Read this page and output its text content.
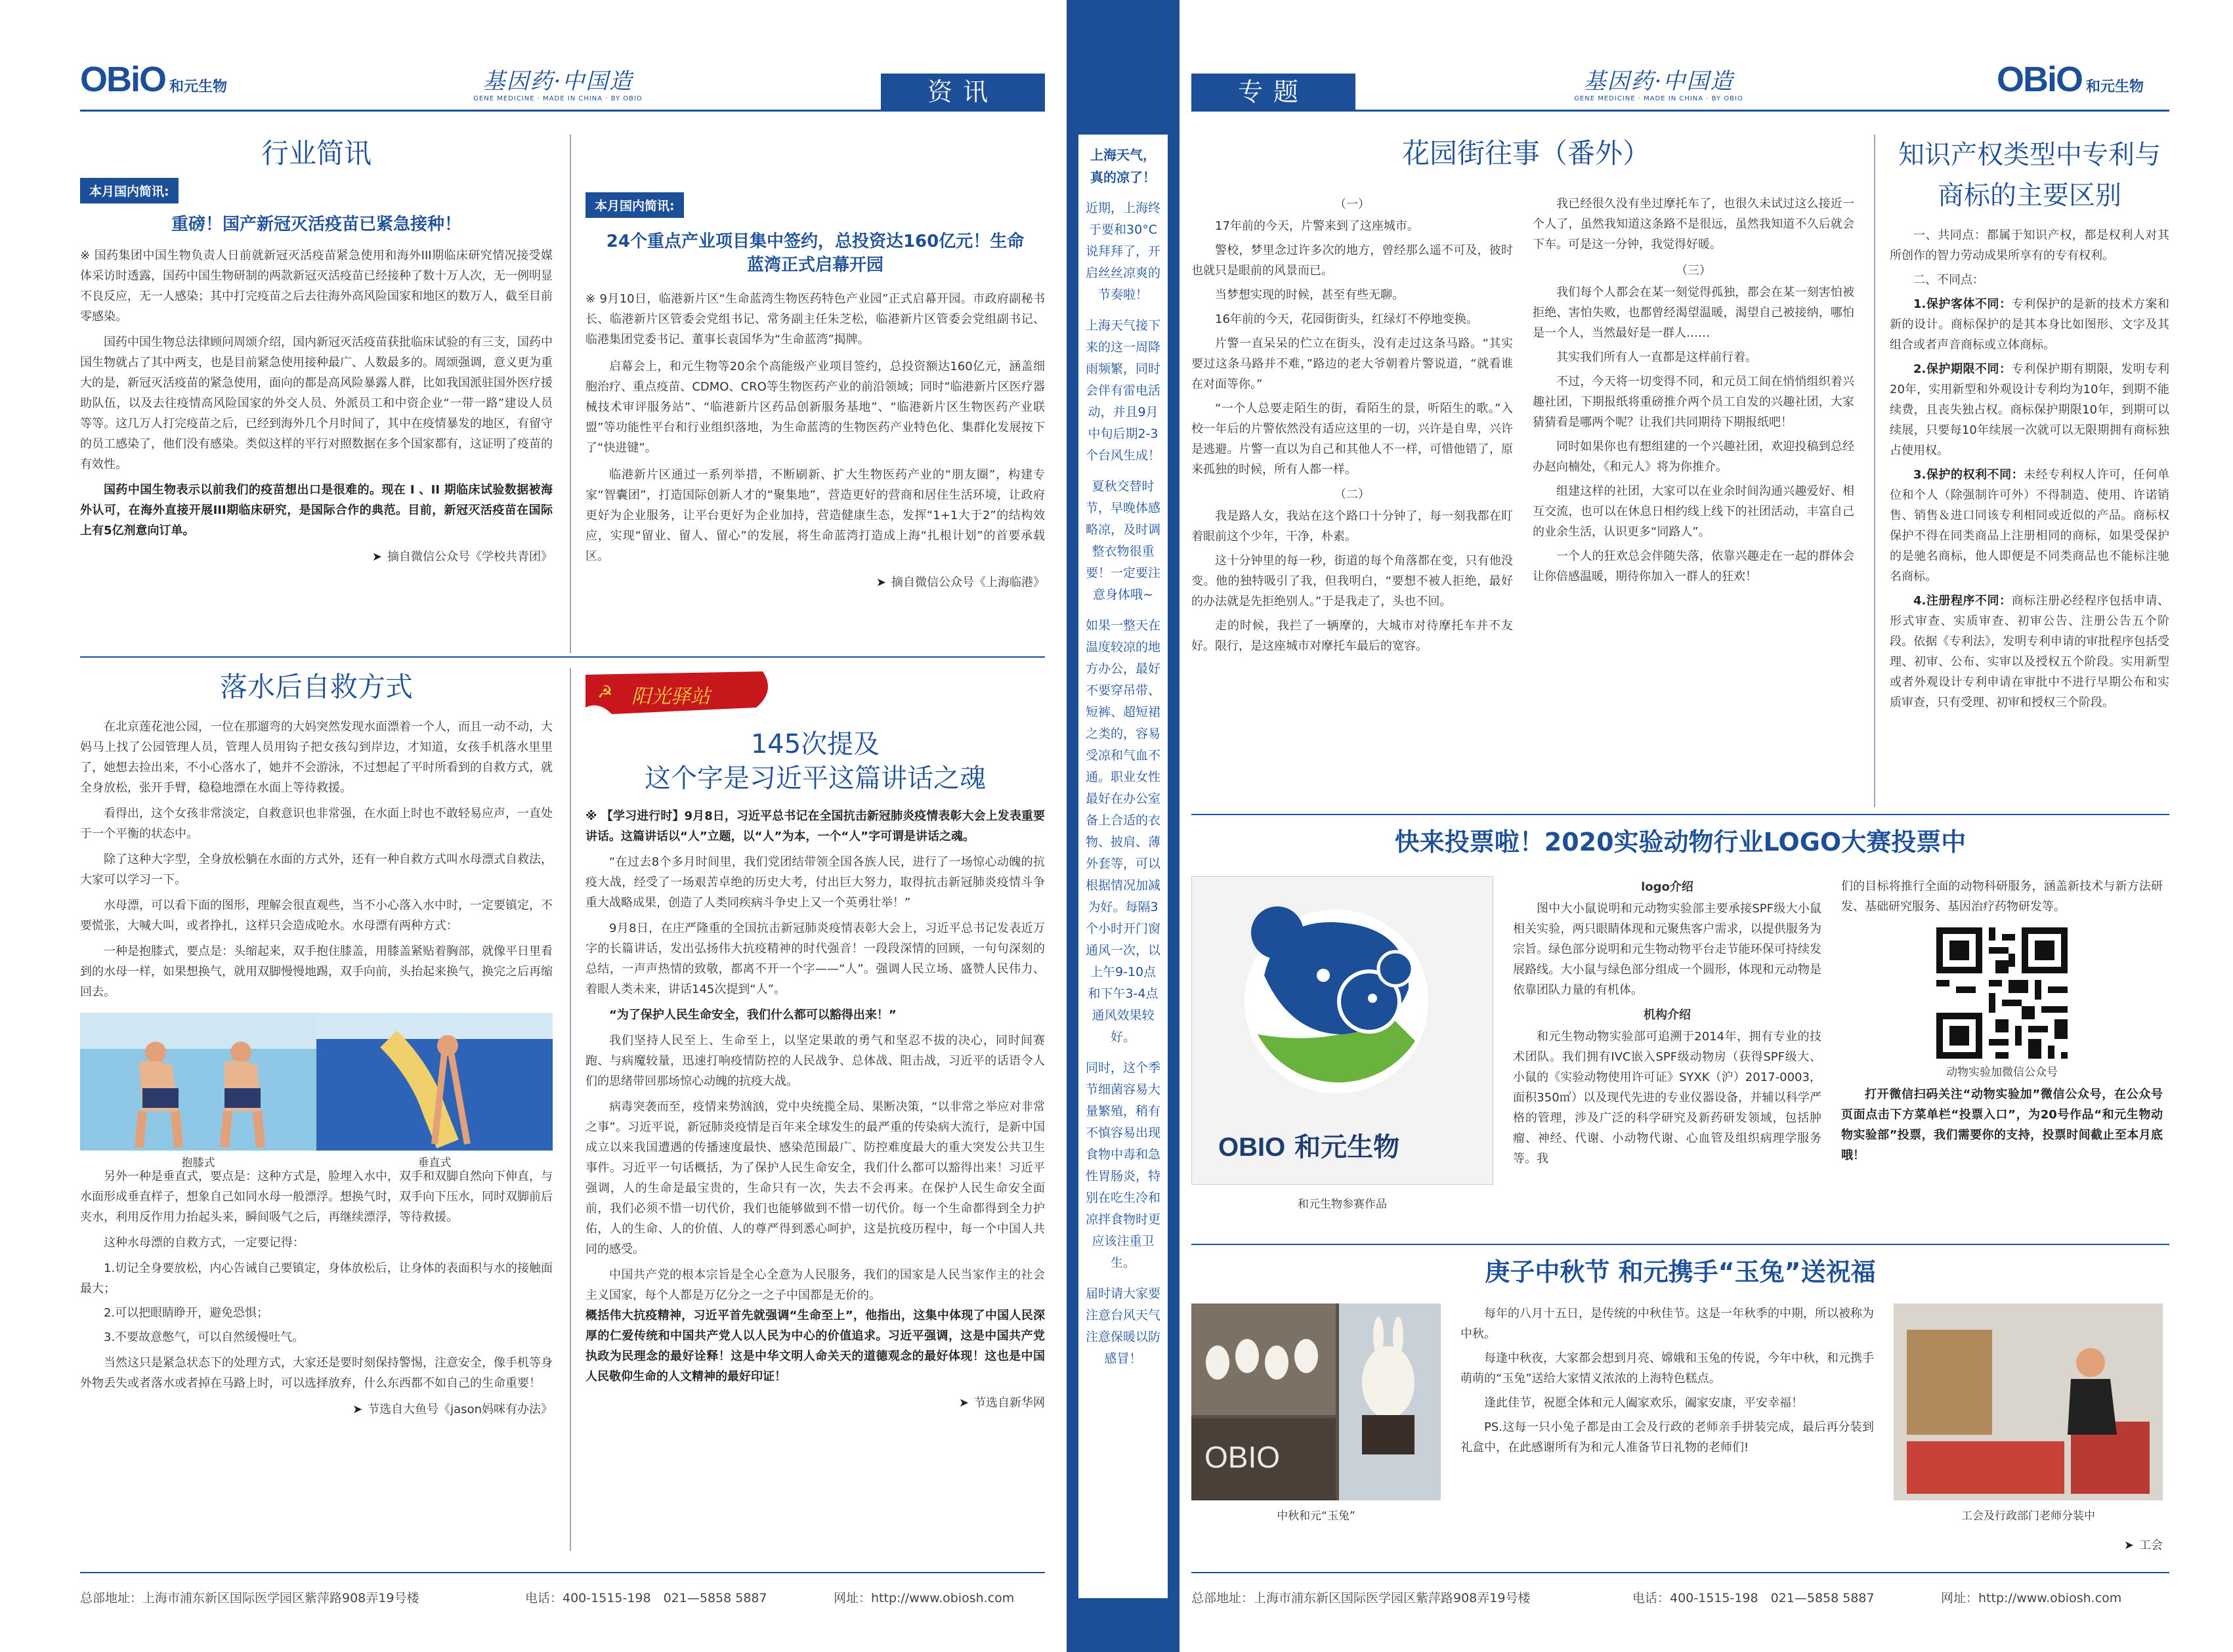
OBiO 和元生物	基因药·中国造
GENE MEDICINE · MADE IN CHINA · BY OBIO	资讯
行业简讯
本月国内简讯:
重磅！国产新冠灭活疫苗已紧急接种！
※ 国药集团中国生物负责人日前就新冠灭活疫苗紧急使用和海外III期临床研究情况接受媒体采访时透露，国药中国生物研制的两款新冠灭活疫苗已经接种了数十万人次，无一例明显不良反应，无一人感染；其中打完疫苗之后去往海外高风险国家和地区的数万人，截至目前零感染。
国药中国生物总法律顾问周颂介绍，国内新冠灭活疫苗获批临床试验的有三支，国药中国生物就占了其中两支，也是目前紧急使用接种最广、人数最多的。周颂强调，意义更为重大的是，新冠灭活疫苗的紧急使用，面向的都是高风险暴露人群，比如我国派驻国外医疗援助队伍，以及去往疫情高风险国家的外交人员、外派员工和中资企业“一带一路”建设人员等等。这几万人打完疫苗之后，已经到海外几个月时间了，其中在疫情暴发的地区，有留守的员工感染了，他们没有感染。类似这样的平行对照数据在多个国家都有，这证明了疫苗的有效性。
国药中国生物表示以前我们的疫苗想出口是很难的。现在 I 、II 期临床试验数据被海外认可，在海外直接开展III期临床研究，是国际合作的典范。目前，新冠灭活疫苗在国际上有5亿剂意向订单。
➤ 摘自微信公众号《学校共青团》
本月国内简讯:
24个重点产业项目集中签约，总投资达160亿元！生命蓝湾正式启幕开园
※ 9月10日，临港新片区“生命蓝湾生物医药特色产业园”正式启幕开园。市政府副秘书长、临港新片区管委会党组书记、常务副主任朱芝松，临港新片区管委会党组副书记、临港集团党委书记、董事长袁国华为“生命蓝湾”揭牌。
启幕会上，和元生物等20余个高能级产业项目签约，总投资额达160亿元，涵盖细胞治疗、重点疫苗、CDMO、CRO等生物医药产业的前沿领域；同时“临港新片区医疗器械技术审评服务站”、“临港新片区药品创新服务基地”、“临港新片区生物医药产业联盟”等功能性平台和行业组织落地，为生命蓝湾的生物医药产业特色化、集群化发展按下了“快进键”。
临港新片区通过一系列举措，不断刷新、扩大生物医药产业的“朋友圈”，构建专家“智囊团”，打造国际创新人才的“聚集地”，营造更好的营商和居住生活环境，让政府更好为企业服务，让平台更好为企业加持，营造健康生态，发挥“1+1大于2”的结构效应，实现“留业、留人、留心”的发展，将生命蓝湾打造成上海“扎根计划”的首要承载区。
➤ 摘自微信公众号《上海临港》
落水后自救方式
在北京莲花池公园，一位在那遛弯的大妈突然发现水面漂着一个人，而且一动不动，大妈马上找了公园管理人员，管理人员用钩子把女孩勾到岸边，才知道，女孩手机落水里里了，她想去捡出来，不小心落水了，她并不会游泳，不过想起了平时所看到的自救方式，就全身放松，张开手臂，稳稳地漂在水面上等待救援。
看得出，这个女孩非常淡定，自救意识也非常强，在水面上时也不敢轻易应声，一直处于一个平衡的状态中。
除了这种大字型，全身放松躺在水面的方式外，还有一种自救方式叫水母漂式自救法，大家可以学习一下。
水母漂，可以看下面的图形，理解会很直观些，当不小心落入水中时，一定要镇定，不要慌张，大喊大叫，或者挣扎，这样只会造成呛水。水母漂有两种方式：
一种是抱膝式，要点是：头缩起来，双手抱住膝盖，用膝盖紧贴着胸部，就像平日里看到的水母一样，如果想换气，就用双脚慢慢地踢，双手向前，头抬起来换气，换完之后再缩回去。
抱膝式	垂直式
另外一种是垂直式，要点是：这种方式是，脸埋入水中，双手和双脚自然向下伸直，与水面形成垂直样子，想象自己如同水母一般漂浮。想换气时，双手向下压水，同时双脚前后夹水，利用反作用力抬起头来，瞬间吸气之后，再继续漂浮，等待救援。
这种水母漂的自救方式，一定要记得：
1.切记全身要放松，内心告诫自己要镇定，身体放松后，让身体的表面积与水的接触面最大；
2.可以把眼睛睁开，避免恐惧；
3.不要故意憋气，可以自然缓慢吐气。
当然这只是紧急状态下的处理方式，大家还是要时刻保持警惕，注意安全，像手机等身外物丢失或者落水或者掉在马路上时，可以选择放弃，什么东西都不如自己的生命重要！
➤ 节选自大鱼号《jason妈咪有办法》
☭ 阳光驿站
145次提及
这个字是习近平这篇讲话之魂
※ 【学习进行时】9月8日，习近平总书记在全国抗击新冠肺炎疫情表彰大会上发表重要讲话。这篇讲话以“人”立题，以“人”为本，一个“人”字可谓是讲话之魂。
“在过去8个多月时间里，我们党团结带领全国各族人民，进行了一场惊心动魄的抗疫大战，经受了一场艰苦卓绝的历史大考，付出巨大努力，取得抗击新冠肺炎疫情斗争重大战略成果，创造了人类同疾病斗争史上又一个英勇壮举！”
9月8日，在庄严隆重的全国抗击新冠肺炎疫情表彰大会上，习近平总书记发表近万字的长篇讲话，发出弘扬伟大抗疫精神的时代强音！一段段深情的回顾，一句句深刻的总结，一声声热情的致敬，都离不开一个字——“人”。强调人民立场、盛赞人民伟力、着眼人类未来，讲话145次提到“人”。
“为了保护人民生命安全，我们什么都可以豁得出来！”
我们坚持人民至上、生命至上，以坚定果敢的勇气和坚忍不拔的决心，同时间赛跑、与病魔较量，迅速打响疫情防控的人民战争、总体战、阻击战，习近平的话语令人们的思绪带回那场惊心动魄的抗疫大战。
病毒突袭而至，疫情来势汹汹，党中央统揽全局、果断决策，“以非常之举应对非常之事”。习近平说，新冠肺炎疫情是百年来全球发生的最严重的传染病大流行，是新中国成立以来我国遭遇的传播速度最快、感染范围最广、防控难度最大的重大突发公共卫生事件。习近平一句话概括，为了保护人民生命安全，我们什么都可以豁得出来！习近平强调，人的生命是最宝贵的，生命只有一次，失去不会再来。在保护人民生命安全面前，我们必须不惜一切代价，我们也能够做到不惜一切代价。每一个生命都得到全力护佑，人的生命、人的价值、人的尊严得到悉心呵护，这是抗疫历程中，每一个中国人共同的感受。
中国共产党的根本宗旨是全心全意为人民服务，我们的国家是人民当家作主的社会主义国家，每个人都是万亿分之一之子中国都是无价的。
概括伟大抗疫精神，习近平首先就强调“生命至上”，他指出，这集中体现了中国人民深厚的仁爱传统和中国共产党人以人民为中心的价值追求。习近平强调，这是中国共产党执政为民理念的最好诠释！这是中华文明人命关天的道德观念的最好体现！这也是中国人民敬仰生命的人文精神的最好印证！
➤ 节选自新华网
总部地址：上海市浦东新区国际医学园区紫萍路908弄19号楼	电话：400-1515-198　021—5858 5887	网址：http://www.obiosh.com
上海天气，真的凉了！
近期，上海终于要和30°C说拜拜了，开启丝丝凉爽的节奏啦！
上海天气接下来的这一周降雨频繁，同时会伴有雷电活动，并且9月中旬后期2-3个台风生成！
夏秋交替时节，早晚体感略凉，及时调整衣物很重要！一定要注意身体哦~
如果一整天在温度较凉的地方办公，最好不要穿吊带、短裤、超短裙之类的，容易受凉和气血不通。职业女性最好在办公室备上合适的衣物、披肩、薄外套等，可以根据情况加减为好。每隔3个小时开门窗通风一次，以上午9-10点和下午3-4点通风效果较好。
同时，这个季节细菌容易大量繁殖，稍有不慎容易出现食物中毒和急性胃肠炎，特别在吃生冷和凉拌食物时更应该注重卫生。
届时请大家要注意台风天气注意保暖以防感冒！
专题	基因药·中国造
GENE MEDICINE · MADE IN CHINA · BY OBIO	OBiO 和元生物
花园街往事（番外）
（一）
17年前的今天，片警来到了这座城市。
警校，梦里念过许多次的地方，曾经那么遥不可及，彼时也就只是眼前的风景而已。
当梦想实现的时候，甚至有些无聊。
16年前的今天，花园街街头，红绿灯不停地变换。
片警一直呆呆的伫立在街头，没有走过这条马路。“其实要过这条马路并不难，”路边的老大爷朝着片警说道，“就看谁在对面等你。”
“一个人总要走陌生的街，看陌生的景，听陌生的歌。”入校一年后的片警依然没有适应这里的一切，兴许是自卑，兴许是逃避。片警一直以为自己和其他人不一样，可惜他错了，原来孤独的时候，所有人都一样。
（二）
我是路人女，我站在这个路口十分钟了，每一刻我都在盯着眼前这个少年，干净，朴素。
这十分钟里的每一秒，街道的每个角落都在变，只有他没变。他的独特吸引了我，但我明白，“要想不被人拒绝，最好的办法就是先拒绝别人。”于是我走了，头也不回。
走的时候，我拦了一辆摩的，大城市对待摩托车并不友好。限行，是这座城市对摩托车最后的宽容。
我已经很久没有坐过摩托车了，也很久未试过这么接近一个人了，虽然我知道这条路不是很远，虽然我知道不久后就会下车。可是这一分钟，我觉得好暖。
（三）
我们每个人都会在某一刻觉得孤独，都会在某一刻害怕被拒绝、害怕失败，也都曾经渴望温暖，渴望自己被接纳，哪怕是一个人，当然最好是一群人……
其实我们所有人一直都是这样前行着。
不过，今天将一切变得不同，和元员工间在悄悄组织着兴趣社团，下期报纸将重磅推介两个员工自发的兴趣社团，大家猜猜看是哪两个呢？让我们共同期待下期报纸吧！
同时如果你也有想组建的一个兴趣社团，欢迎投稿到总经办赵向楠处，《和元人》将为你推介。
组建这样的社团，大家可以在业余时间沟通兴趣爱好、相互交流，也可以在休息日相约线上线下的社团活动，丰富自己的业余生活，认识更多“同路人”。
一个人的狂欢总会伴随失落，依靠兴趣走在一起的群体会让你倍感温暖，期待你加入一群人的狂欢！
知识产权类型中专利与商标的主要区别
一、共同点：都属于知识产权，都是权利人对其所创作的智力劳动成果所享有的专有权利。
二、不同点：
1.保护客体不同：专利保护的是新的技术方案和新的设计。商标保护的是其本身比如图形、文字及其组合或者声音商标或立体商标。
2.保护期限不同：专利保护期有期限，发明专利20年，实用新型和外观设计专利均为10年，到期不能续费，且丧失独占权。商标保护期限10年，到期可以续展，只要每10年续展一次就可以无限期拥有商标独占使用权。
3.保护的权利不同：未经专利权人许可，任何单位和个人（除强制许可外）不得制造、使用、许诺销售、销售＆进口同该专利相同或近似的产品。商标权保护不得在同类商品上注册相同的商标，如果受保护的是驰名商标，他人即便是不同类商品也不能标注驰名商标。
4.注册程序不同：商标注册必经程序包括申请、形式审查、实质审查、初审公告、注册公告五个阶段。依据《专利法》，发明专利申请的审批程序包括受理、初审、公布、实审以及授权五个阶段。实用新型或者外观设计专利申请在审批中不进行早期公布和实质审查，只有受理、初审和授权三个阶段。
快来投票啦！2020实验动物行业LOGO大赛投票中
OBIO 和元生物
和元生物参赛作品
logo介绍
图中大小鼠说明和元动物实验部主要承接SPF级大小鼠相关实验，两只眼睛体现和元聚焦客户需求，以提供服务为宗旨。绿色部分说明和元生物动物平台走节能环保可持续发展路线。大小鼠与绿色部分组成一个圆形，体现和元动物是依靠团队力量的有机体。
机构介绍
和元生物动物实验部可追溯于2014年，拥有专业的技术团队。我们拥有IVC嵌入SPF级动物房（获得SPF级大、小鼠的《实验动物使用许可证》SYXK（沪）2017-0003，面积350㎡）以及现代先进的专业仪器设备，并辅以科学严格的管理，涉及广泛的科学研究及新药研发领域，包括肿瘤、神经、代谢、小动物代谢、心血管及组织病理学服务等。我
们的目标将推行全面的动物科研服务，涵盖新技术与新方法研发、基础研究服务、基因治疗药物研发等。
动物实验加微信公众号
打开微信扫码关注“动物实验加”微信公众号，在公众号页面点击下方菜单栏“投票入口”，为20号作品“和元生物动物实验部”投票，我们需要你的支持，投票时间截止至本月底哦！
庚子中秋节 和元携手“玉兔”送祝福
OBIO
中秋和元“玉兔”
每年的八月十五日，是传统的中秋佳节。这是一年秋季的中期，所以被称为中秋。
每逢中秋夜，大家都会想到月亮、嫦娥和玉兔的传说，今年中秋，和元携手萌萌的“玉兔”送给大家情义浓浓的上海特色糕点。
逢此佳节，祝愿全体和元人阖家欢乐，阖家安康，平安幸福！
PS.这每一只小兔子都是由工会及行政的老师亲手拼装完成，最后再分装到礼盒中，在此感谢所有为和元人准备节日礼物的老师们!
工会及行政部门老师分装中
➤ 工会
总部地址：上海市浦东新区国际医学园区紫萍路908弄19号楼	电话：400-1515-198　021—5858 5887	网址：http://www.obiosh.com
